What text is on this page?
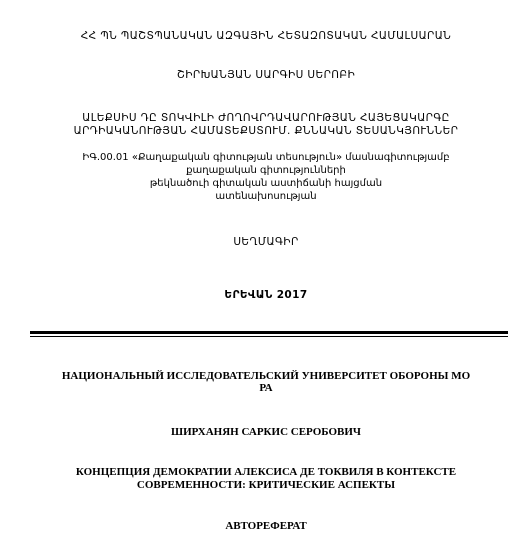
ՀՀ ՊՆ ՊԱՇՏՊԱՆԱԿԱՆ ԱԶԳԱՅԻՆ ՀԵՏԱԶՈՏԱԿԱՆ ՀԱՄԱԼՍԱՐԱՆ
ՇԻՐԽԱՆՅԱՆ ՍԱՐԳԻՍ ՍԵՐՈԲԻ
ԱԼԵՔՍԻՍ ԴԸ ՏՈԿՎԻԼԻ ԺՈՂՈՎՐԴԱՎԱՐՈՒԹՅԱՆ ՀԱՅԵՑԱԿԱՐԳԸ
ԱՐԴԻԱԿԱՆՈՒԹՅԱՆ ՀԱՄԱՏԵՔՍՏՈՒՄ. ՔՆՆԱԿԱՆ ՏԵՍԱՆԿՅՈՒՆՆԵՐ
ԻԳ.00.01 «Քաղաքական գիտության տեսություն» մասնագիտությամբ
քաղաքական գիտությունների
թեկնածուի գիտական աստիճանի հայցման
ատենախոսության
ՍԵՂՄԱԳԻՐ
ԵՐԵՎԱՆ 2017
НАЦИОНАЛЬНЫЙ ИССЛЕДОВАТЕЛЬСКИЙ УНИВЕРСИТЕТ ОБОРОНЫ МО
РА
ШИРХАНЯН САРКИС СЕРОБОВИЧ
КОНЦЕПЦИЯ ДЕМОКРАТИИ АЛЕКСИСА ДЕ ТОКВИЛЯ В КОНТЕКСТЕ
СОВРЕМЕННОСТИ: КРИТИЧЕСКИЕ АСПЕКТЫ
АВТОРЕФЕРАТ
